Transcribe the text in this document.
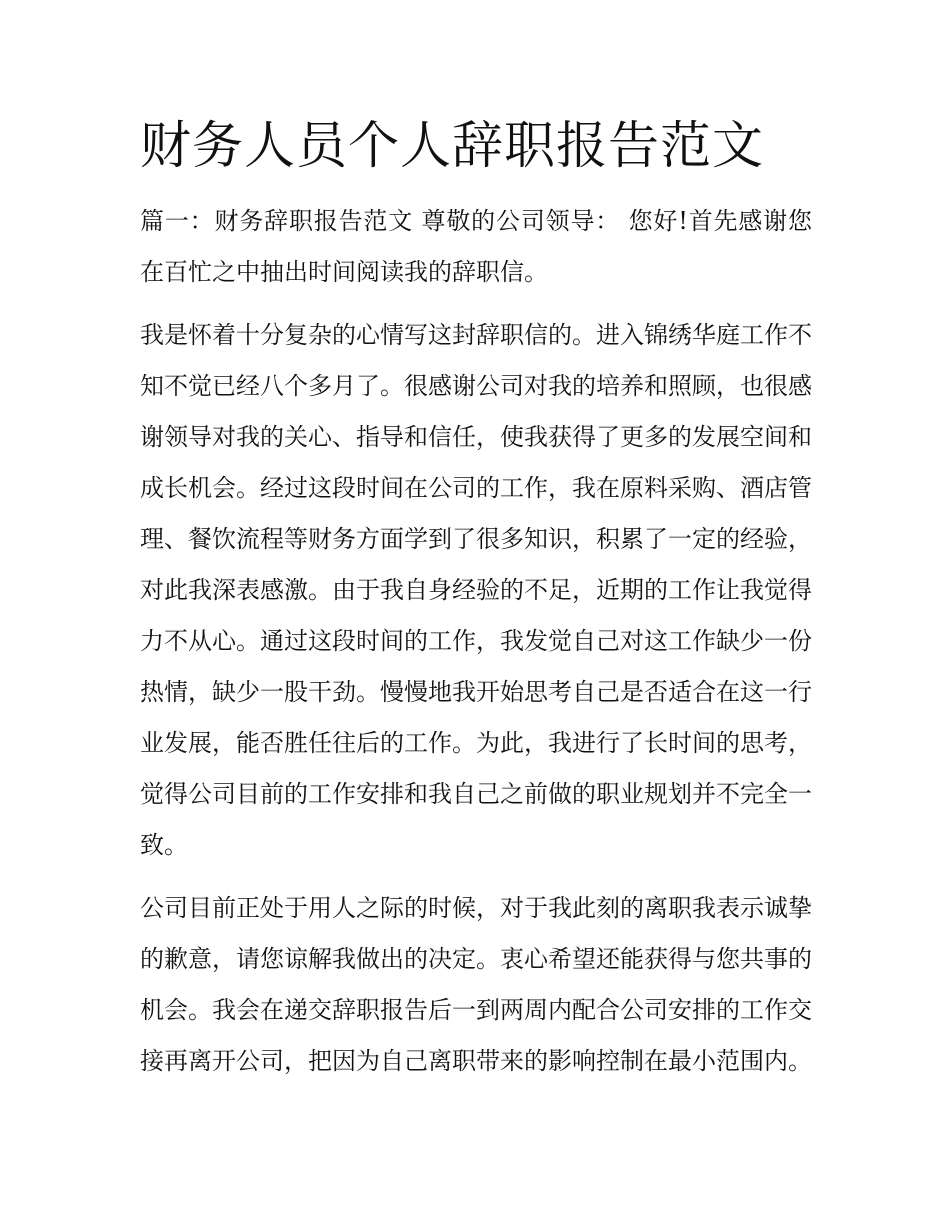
财务人员个人辞职报告范文

篇一：财务辞职报告范文 尊敬的公司领导： 您好!首先感谢您在百忙之中抽出时间阅读我的辞职信。

我是怀着十分复杂的心情写这封辞职信的。进入锦绣华庭工作不知不觉已经八个多月了。很感谢公司对我的培养和照顾，也很感谢领导对我的关心、指导和信任，使我获得了更多的发展空间和成长机会。经过这段时间在公司的工作，我在原料采购、酒店管理、餐饮流程等财务方面学到了很多知识，积累了一定的经验，对此我深表感激。由于我自身经验的不足，近期的工作让我觉得力不从心。通过这段时间的工作，我发觉自己对这工作缺少一份热情，缺少一股干劲。慢慢地我开始思考自己是否适合在这一行业发展，能否胜任往后的工作。为此，我进行了长时间的思考，觉得公司目前的工作安排和我自己之前做的职业规划并不完全一致。

公司目前正处于用人之际的时候，对于我此刻的离职我表示诚挚的歉意，请您谅解我做出的决定。衷心希望还能获得与您共事的机会。我会在递交辞职报告后一到两周内配合公司安排的工作交接再离开公司，把因为自己离职带来的影响控制在最小范围内。
